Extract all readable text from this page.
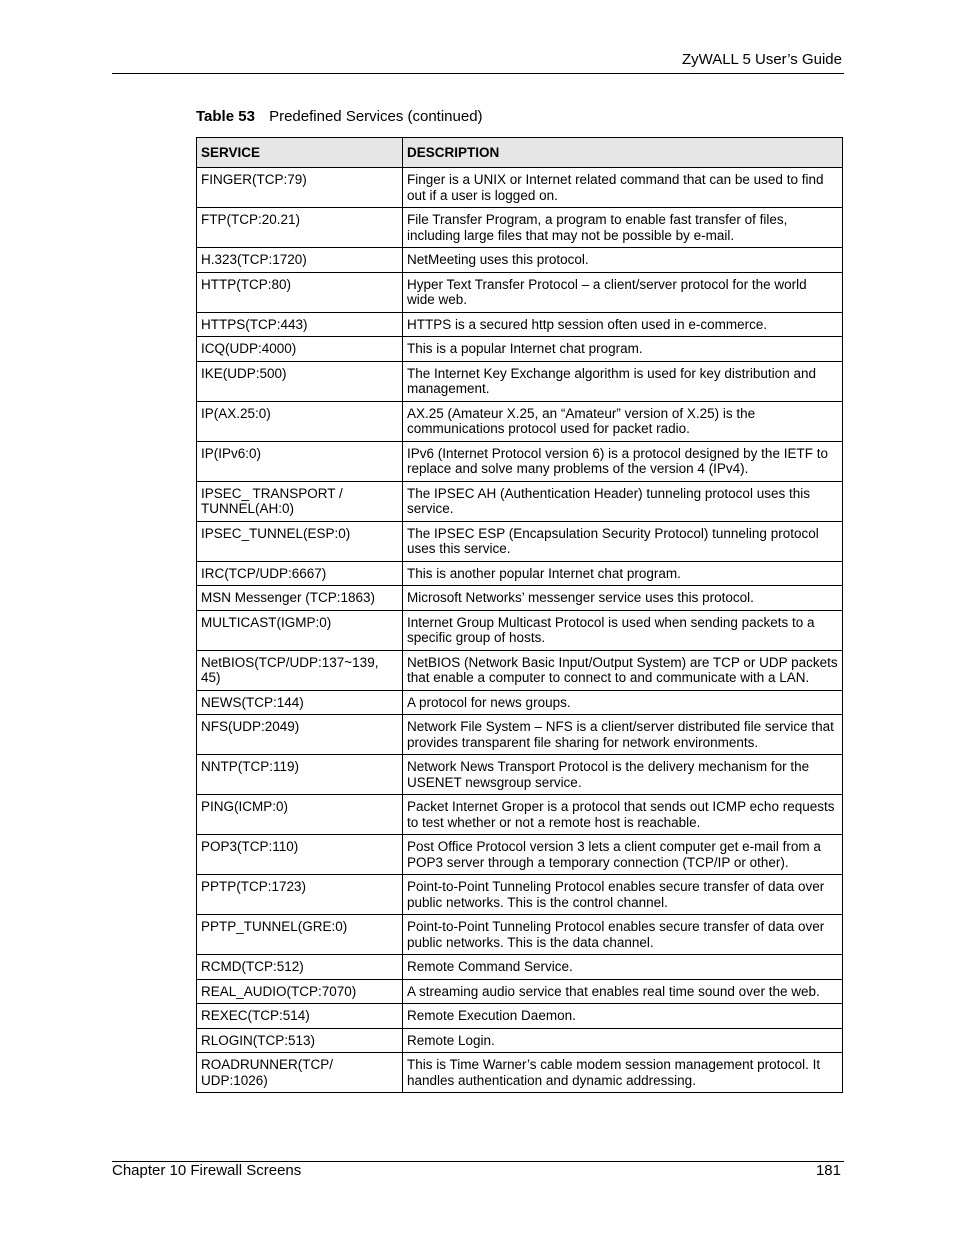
ZyWALL 5 User’s Guide
Table 53 Predefined Services (continued)
SERVICE	DESCRIPTION
FINGER(TCP:79)	Finger is a UNIX or Internet related command that can be used to find out if a user is logged on.
FTP(TCP:20.21)	File Transfer Program, a program to enable fast transfer of files, including large files that may not be possible by e-mail.
H.323(TCP:1720)	NetMeeting uses this protocol.
HTTP(TCP:80)	Hyper Text Transfer Protocol – a client/server protocol for the world wide web.
HTTPS(TCP:443)	HTTPS is a secured http session often used in e-commerce.
ICQ(UDP:4000)	This is a popular Internet chat program.
IKE(UDP:500)	The Internet Key Exchange algorithm is used for key distribution and management.
IP(AX.25:0)	AX.25 (Amateur X.25, an “Amateur” version of X.25) is the communications protocol used for packet radio.
IP(IPv6:0)	IPv6 (Internet Protocol version 6) is a protocol designed by the IETF to replace and solve many problems of the version 4 (IPv4).
IPSEC_ TRANSPORT / TUNNEL(AH:0)	The IPSEC AH (Authentication Header) tunneling protocol uses this service.
IPSEC_TUNNEL(ESP:0)	The IPSEC ESP (Encapsulation Security Protocol) tunneling protocol uses this service.
IRC(TCP/UDP:6667)	This is another popular Internet chat program.
MSN Messenger (TCP:1863)	Microsoft Networks’ messenger service uses this protocol.
MULTICAST(IGMP:0)	Internet Group Multicast Protocol is used when sending packets to a specific group of hosts.
NetBIOS(TCP/UDP:137~139, 45)	NetBIOS (Network Basic Input/Output System) are TCP or UDP packets that enable a computer to connect to and communicate with a LAN.
NEWS(TCP:144)	A protocol for news groups.
NFS(UDP:2049)	Network File System – NFS is a client/server distributed file service that provides transparent file sharing for network environments.
NNTP(TCP:119)	Network News Transport Protocol is the delivery mechanism for the USENET newsgroup service.
PING(ICMP:0)	Packet Internet Groper is a protocol that sends out ICMP echo requests to test whether or not a remote host is reachable.
POP3(TCP:110)	Post Office Protocol version 3 lets a client computer get e-mail from a POP3 server through a temporary connection (TCP/IP or other).
PPTP(TCP:1723)	Point-to-Point Tunneling Protocol enables secure transfer of data over public networks. This is the control channel.
PPTP_TUNNEL(GRE:0)	Point-to-Point Tunneling Protocol enables secure transfer of data over public networks. This is the data channel.
RCMD(TCP:512)	Remote Command Service.
REAL_AUDIO(TCP:7070)	A streaming audio service that enables real time sound over the web.
REXEC(TCP:514)	Remote Execution Daemon.
RLOGIN(TCP:513)	Remote Login.
ROADRUNNER(TCP/ UDP:1026)	This is Time Warner’s cable modem session management protocol. It handles authentication and dynamic addressing.
Chapter 10 Firewall Screens	181
